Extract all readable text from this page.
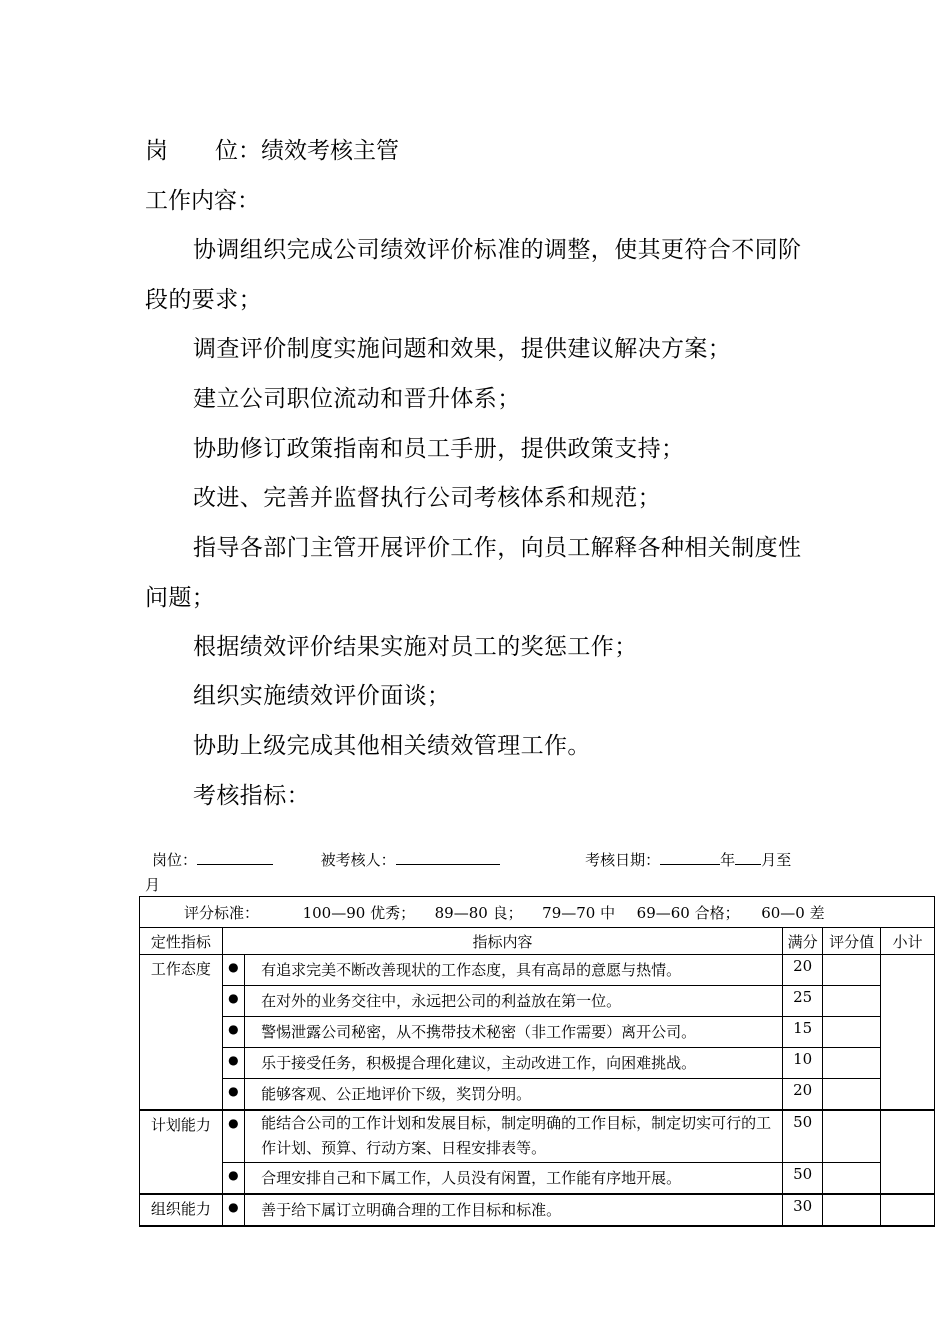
岗 位：绩效考核主管
工作内容：
协调组织完成公司绩效评价标准的调整，使其更符合不同阶段的要求；
调查评价制度实施问题和效果，提供建议解决方案；
建立公司职位流动和晋升体系；
协助修订政策指南和员工手册，提供政策支持；
改进、完善并监督执行公司考核体系和规范；
指导各部门主管开展评价工作，向员工解释各种相关制度性问题；
根据绩效评价结果实施对员工的奖惩工作；
组织实施绩效评价面谈；
协助上级完成其他相关绩效管理工作。
考核指标：
岗位：	被考核人：	考核日期：	年 月至
月
评分标准： 100—90 优秀； 89—80 良； 79—70 中 69—60 合格； 60—0 差					
定性指标	指标内容		满分	评分值	小计
工作态度	●	有追求完美不断改善现状的工作态度，具有高昂的意愿与热情。	20		
	●	在对外的业务交往中，永远把公司的利益放在第一位。	25		
	●	警惕泄露公司秘密，从不携带技术秘密（非工作需要）离开公司。	15		
	●	乐于接受任务，积极提合理化建议，主动改进工作，向困难挑战。	10		
	●	能够客观、公正地评价下级，奖罚分明。	20		
计划能力	●	能结合公司的工作计划和发展目标，制定明确的工作目标，制定切实可行的工作计划、预算、行动方案、日程安排表等。	50		
	●	合理安排自己和下属工作，人员没有闲置，工作能有序地开展。	50		
组织能力	●	善于给下属订立明确合理的工作目标和标准。	30		
